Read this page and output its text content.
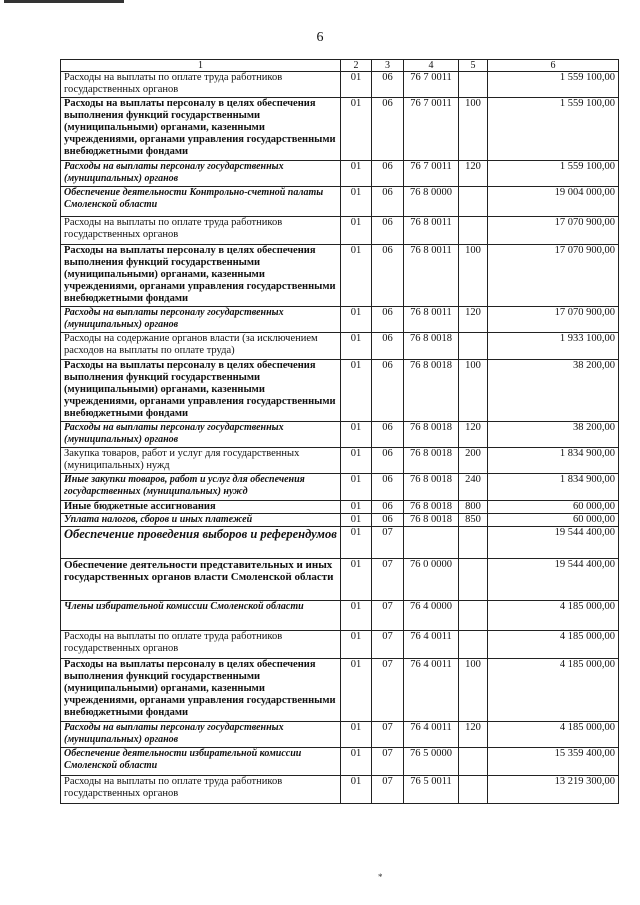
6
1	2	3	4	5	6
Расходы на выплаты по оплате труда работников государственных органов	01	06	76 7 0011		1 559 100,00
Расходы на выплаты персоналу в целях обеспечения выполнения функций государственными (муниципальными) органами, казенными учреждениями, органами управления государственными внебюджетными фондами	01	06	76 7 0011	100	1 559 100,00
Расходы на выплаты персоналу государственных (муниципальных) органов	01	06	76 7 0011	120	1 559 100,00
Обеспечение деятельности Контрольно-счетной палаты Смоленской области	01	06	76 8 0000		19 004 000,00
Расходы на выплаты по оплате труда работников государственных органов	01	06	76 8 0011		17 070 900,00
Расходы на выплаты персоналу в целях обеспечения выполнения функций государственными (муниципальными) органами, казенными учреждениями, органами управления государственными внебюджетными фондами	01	06	76 8 0011	100	17 070 900,00
Расходы на выплаты персоналу государственных (муниципальных) органов	01	06	76 8 0011	120	17 070 900,00
Расходы на содержание органов власти (за исключением расходов на выплаты по оплате труда)	01	06	76 8 0018		1 933 100,00
Расходы на выплаты персоналу в целях обеспечения выполнения функций государственными (муниципальными) органами, казенными учреждениями, органами управления государственными внебюджетными фондами	01	06	76 8 0018	100	38 200,00
Расходы на выплаты персоналу государственных (муниципальных) органов	01	06	76 8 0018	120	38 200,00
Закупка товаров, работ и услуг для государственных (муниципальных) нужд	01	06	76 8 0018	200	1 834 900,00
Иные закупки товаров, работ и услуг для обеспечения государственных (муниципальных) нужд	01	06	76 8 0018	240	1 834 900,00
Иные бюджетные ассигнования	01	06	76 8 0018	800	60 000,00
Уплата налогов, сборов и иных платежей	01	06	76 8 0018	850	60 000,00
Обеспечение проведения выборов и референдумов	01	07			19 544 400,00
Обеспечение деятельности представительных и иных государственных органов власти Смоленской области	01	07	76 0 0000		19 544 400,00
Члены избирательной комиссии Смоленской области	01	07	76 4 0000		4 185 000,00
Расходы на выплаты по оплате труда работников государственных органов	01	07	76 4 0011		4 185 000,00
Расходы на выплаты персоналу в целях обеспечения выполнения функций государственными (муниципальными) органами, казенными учреждениями, органами управления государственными внебюджетными фондами	01	07	76 4 0011	100	4 185 000,00
Расходы на выплаты персоналу государственных (муниципальных) органов	01	07	76 4 0011	120	4 185 000,00
Обеспечение деятельности избирательной комиссии Смоленской области	01	07	76 5 0000		15 359 400,00
Расходы на выплаты по оплате труда работников государственных органов	01	07	76 5 0011		13 219 300,00
*
